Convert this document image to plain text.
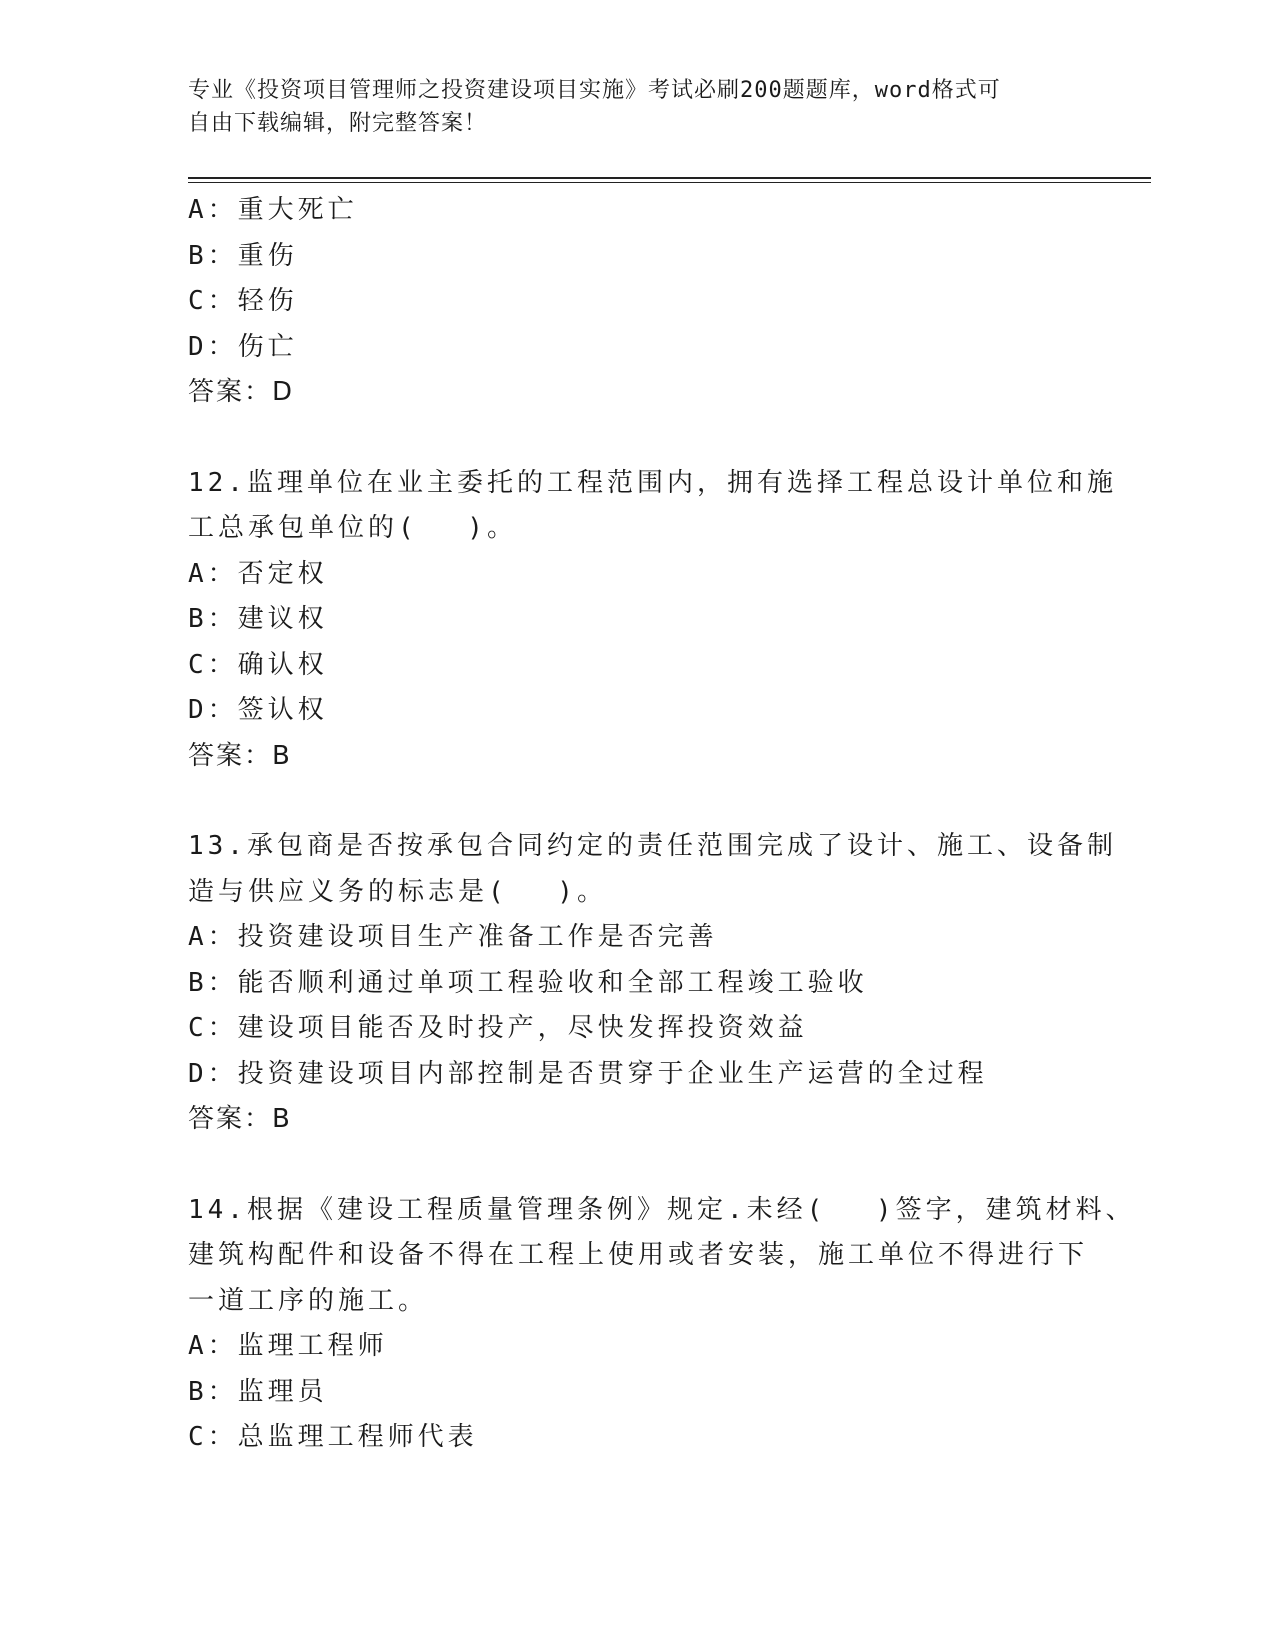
专业《投资项目管理师之投资建设项目实施》考试必刷200题题库，word格式可
自由下载编辑，附完整答案！
A：重大死亡
B：重伤
C：轻伤
D：伤亡
答案：D
12.监理单位在业主委托的工程范围内，拥有选择工程总设计单位和施
工总承包单位的(　 )。
A：否定权
B：建议权
C：确认权
D：签认权
答案：B
13.承包商是否按承包合同约定的责任范围完成了设计、施工、设备制
造与供应义务的标志是(　 )。
A：投资建设项目生产准备工作是否完善
B：能否顺利通过单项工程验收和全部工程竣工验收
C：建设项目能否及时投产，尽快发挥投资效益
D：投资建设项目内部控制是否贯穿于企业生产运营的全过程
答案：B
14.根据《建设工程质量管理条例》规定.未经(　 )签字，建筑材料、
建筑构配件和设备不得在工程上使用或者安装，施工单位不得进行下
一道工序的施工。
A：监理工程师
B：监理员
C：总监理工程师代表
